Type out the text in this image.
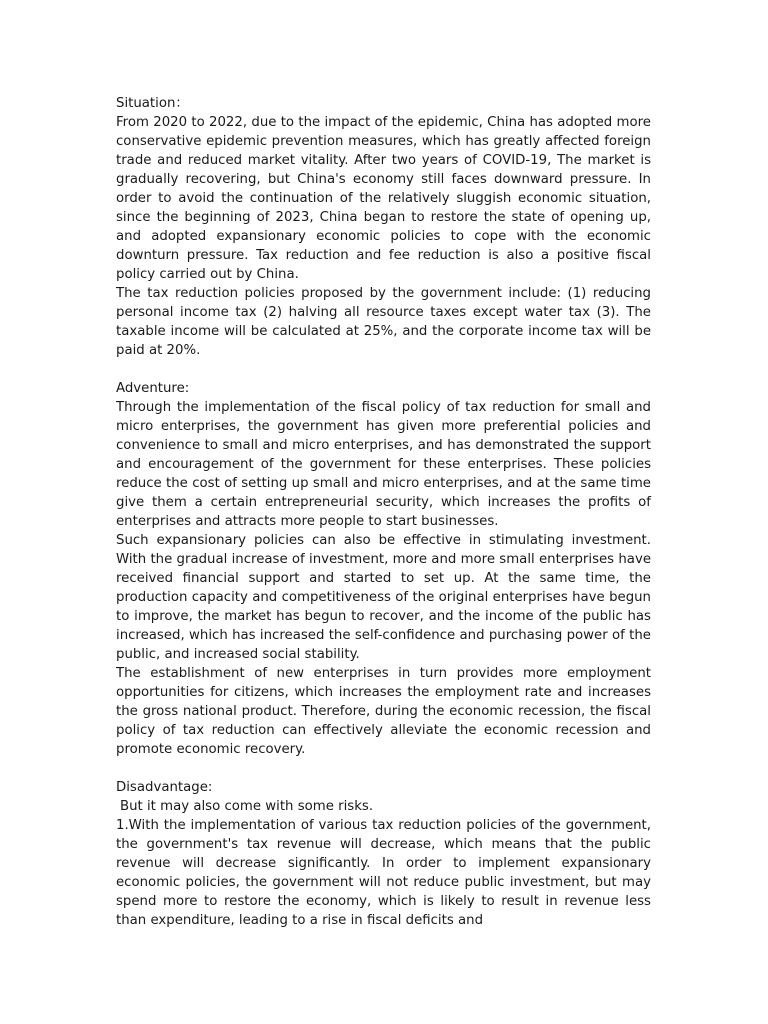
Situation：

From 2020 to 2022, due to the impact of the epidemic, China has adopted more conservative epidemic prevention measures, which has greatly affected foreign trade and reduced market vitality. After two years of COVID-19, The market is gradually recovering, but China's economy still faces downward pressure. In order to avoid the continuation of the relatively sluggish economic situation, since the beginning of 2023, China began to restore the state of opening up, and adopted expansionary economic policies to cope with the economic downturn pressure. Tax reduction and fee reduction is also a positive fiscal policy carried out by China.

The tax reduction policies proposed by the government include: (1) reducing personal income tax (2) halving all resource taxes except water tax (3). The taxable income will be calculated at 25%, and the corporate income tax will be paid at 20%.

Adventure:

Through the implementation of the fiscal policy of tax reduction for small and micro enterprises, the government has given more preferential policies and convenience to small and micro enterprises, and has demonstrated the support and encouragement of the government for these enterprises. These policies reduce the cost of setting up small and micro enterprises, and at the same time give them a certain entrepreneurial security, which increases the profits of enterprises and attracts more people to start businesses.

Such expansionary policies can also be effective in stimulating investment. With the gradual increase of investment, more and more small enterprises have received financial support and started to set up. At the same time, the production capacity and competitiveness of the original enterprises have begun to improve, the market has begun to recover, and the income of the public has increased, which has increased the self-confidence and purchasing power of the public, and increased social stability.

The establishment of new enterprises in turn provides more employment opportunities for citizens, which increases the employment rate and increases the gross national product. Therefore, during the economic recession, the fiscal policy of tax reduction can effectively alleviate the economic recession and promote economic recovery.

Disadvantage:

But it may also come with some risks.

1.With the implementation of various tax reduction policies of the government, the government's tax revenue will decrease, which means that the public revenue will decrease significantly. In order to implement expansionary economic policies, the government will not reduce public investment, but may spend more to restore the economy, which is likely to result in revenue less than expenditure, leading to a rise in fiscal deficits and
